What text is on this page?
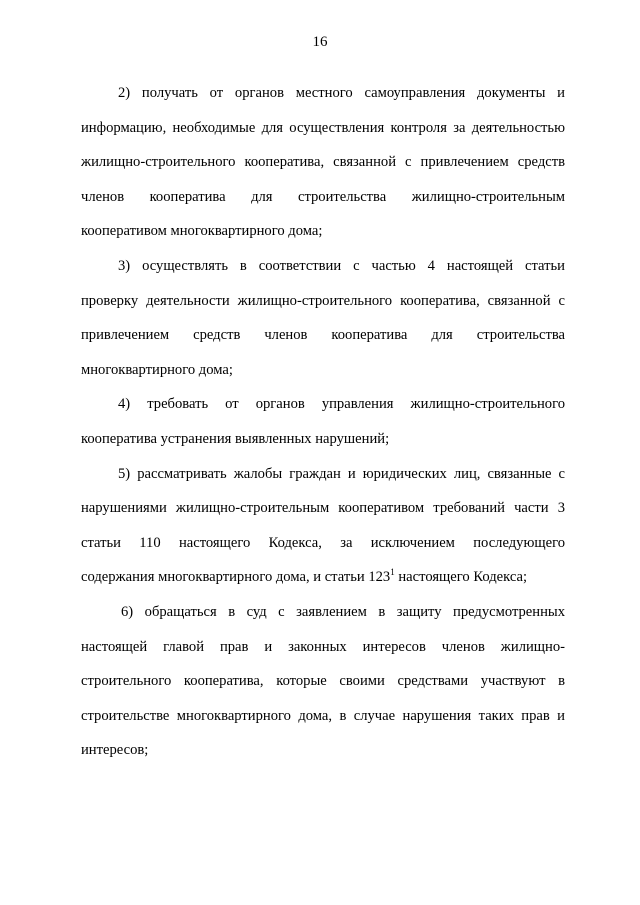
16
2) получать от органов местного самоуправления документы и
информацию, необходимые для осуществления контроля за деятельностью
жилищно-строительного кооператива, связанной с привлечением средств
членов кооператива для строительства жилищно-строительным
кооперативом многоквартирного дома;
3) осуществлять в соответствии с частью 4 настоящей статьи
проверку деятельности жилищно-строительного кооператива, связанной с
привлечением средств членов кооператива для строительства
многоквартирного дома;
4) требовать от органов управления жилищно-строительного
кооператива устранения выявленных нарушений;
5) рассматривать жалобы граждан и юридических лиц, связанные с
нарушениями жилищно-строительным кооперативом требований части 3
статьи 110 настоящего Кодекса, за исключением последующего
содержания многоквартирного дома, и статьи $123^1$ настоящего Кодекса;
6) обращаться в суд с заявлением в защиту предусмотренных
настоящей главой прав и законных интересов членов жилищно-
строительного кооператива, которые своими средствами участвуют в
строительстве многоквартирного дома, в случае нарушения таких прав и
интересов;
